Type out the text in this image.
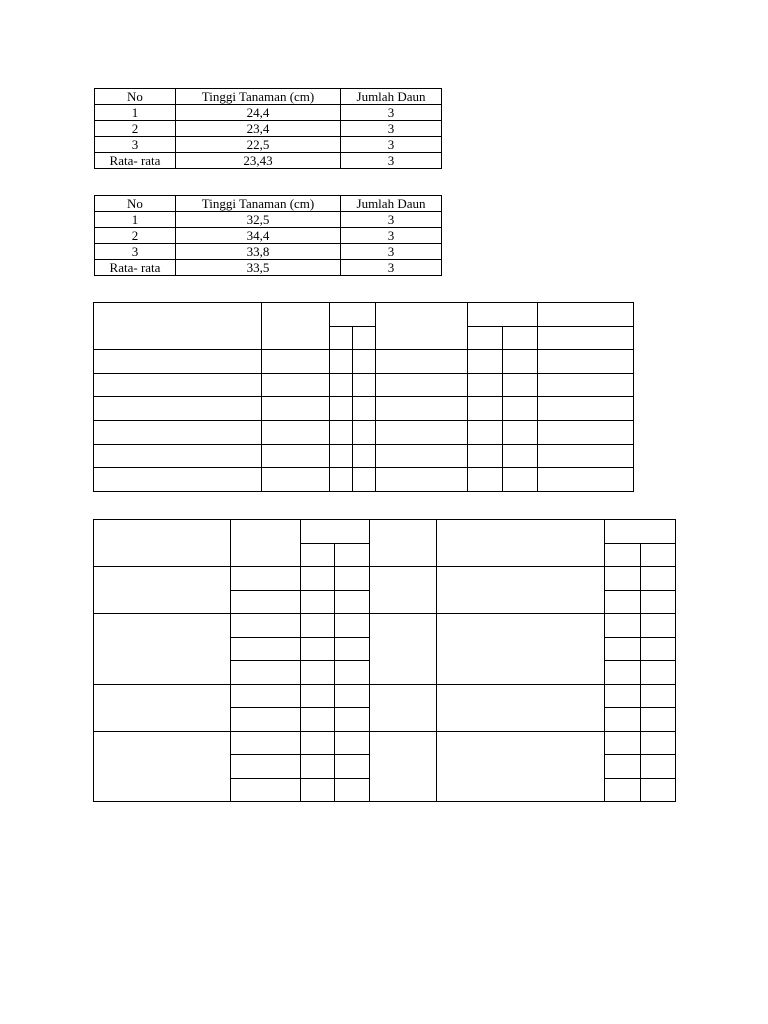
No	Tinggi Tanaman (cm)	Jumlah Daun
1	24,4	3
2	23,4	3
3	22,5	3
Rata- rata	23,43	3
No	Tinggi Tanaman (cm)	Jumlah Daun
1	32,5	3
2	34,4	3
3	33,8	3
Rata- rata	33,5	3
